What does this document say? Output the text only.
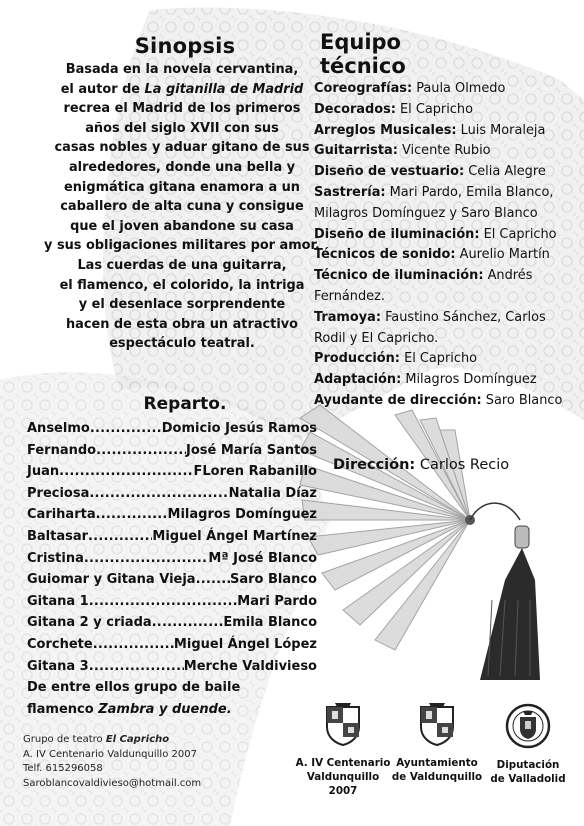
Sinopsis
Basada en la novela cervantina,
el autor de La gitanilla de Madrid
recrea el Madrid de los primeros
años del siglo XVII con sus
casas nobles y aduar gitano de sus
alrededores, donde una bella y
enigmática gitana enamora a un
caballero de alta cuna y consigue
que el joven abandone su casa
y sus obligaciones militares por amor.
Las cuerdas de una guitarra,
el flamenco, el colorido, la intriga
y el desenlace sorprendente
hacen de esta obra un atractivo
espectáculo teatral.
Reparto.
Anselmo .....	Domicio Jesús Ramos
Fernando .....	José María Santos
Juan .....	FLoren Rabanillo
Preciosa .....	Natalia Díaz
Cariharta .....	Milagros Domínguez
Baltasar .....	Miguel Ángel Martínez
Cristina .....	Mª José Blanco
Guiomar y Gitana Vieja .....	Saro Blanco
Gitana 1 .....	Mari Pardo
Gitana 2 y criada .....	Emila Blanco
Corchete .....	Miguel Ángel López
Gitana 3 .....	Merche Valdivieso
De entre ellos grupo de baile
flamenco Zambra y duende.
Grupo de teatro El Capricho
A. IV Centenario Valdunquillo 2007
Telf. 615296058
Saroblancovaldivieso@hotmail.com
Equipo técnico
Coreografías: Paula Olmedo
Decorados: El Capricho
Arreglos Musicales: Luis Moraleja
Guitarrista: Vicente Rubio
Diseño de vestuario: Celia Alegre
Sastrería: Mari Pardo, Emila Blanco, Milagros Domínguez y Saro Blanco
Diseño de iluminación: El Capricho
Técnicos de sonido: Aurelio Martín
Técnico de iluminación: Andrés Fernández.
Tramoya: Faustino Sánchez, Carlos Rodil y El Capricho.
Producción: El Capricho
Adaptación: Milagros Domínguez
Ayudante de dirección: Saro Blanco
Dirección: Carlos Recio
A. IV Centenario
Valdunquillo 2007
Ayuntamiento
de Valdunquillo
Diputación
de Valladolid
